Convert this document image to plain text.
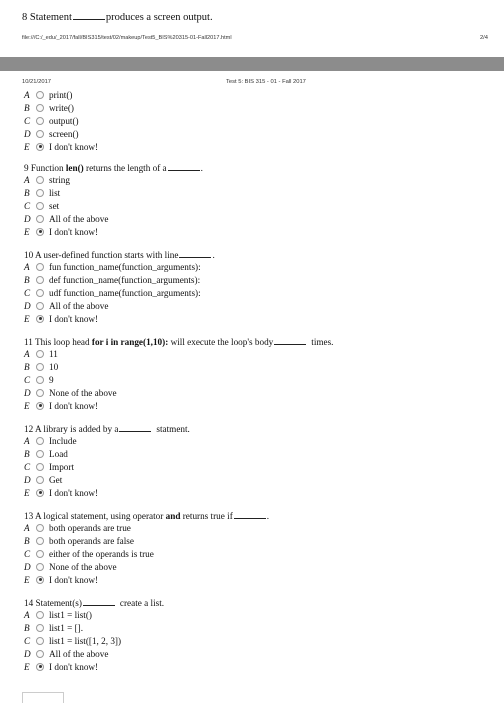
8 Statement	produces a screen output.
file:///C:/_edu/_2017/fall/BIS315/test/02/makeup/Test5_BIS%20315-01-Fall2017.html	2/4
10/21/2017	Test 5: BIS 315 - 01 - Fall 2017
A	print()
B	write()
C	output()
D	screen()
E	I don't know!
9 Function len() returns the length of a	.
A	string
B	list
C	set
D	All of the above
E	I don't know!
10 A user-defined function starts with line	.
A	fun function_name(function_arguments):
B	def function_name(function_arguments):
C	udf function_name(function_arguments):
D	All of the above
E	I don't know!
11 This loop head for i in range(1,10): will execute the loop's body	times.
A	11
B	10
C	9
D	None of the above
E	I don't know!
12 A library is added by a	statment.
A	Include
B	Load
C	Import
D	Get
E	I don't know!
13 A logical statement, using operator and returns true if	.
A	both operands are true
B	both operands are false
C	either of the operands is true
D	None of the above
E	I don't know!
14 Statement(s)	create a list.
A	list1 = list()
B	list1 = [].
C	list1 = list([1, 2, 3])
D	All of the above
E	I don't know!
